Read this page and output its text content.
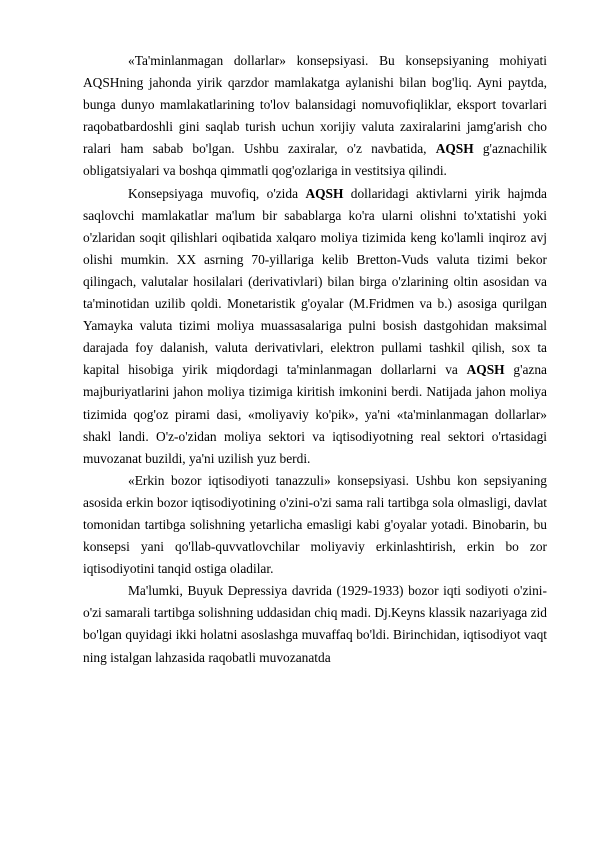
«Ta'minlanmagan dollarlar» konsepsiyasi. Bu konsepsiyaning mohiyati AQSHning jahonda yirik qarzdor mamlakatga aylanishi bilan bog'liq. Ayni paytda, bunga dunyo mamlakatlarining to'lov balansidagi nomuvofiqliklar, eksport tovarlari raqobatbardoshli gini saqlab turish uchun xorijiy valuta zaxiralarini jamg'arish cho ralari ham sabab bo'lgan. Ushbu zaxiralar, o'z navbatida, AQSH g'aznachilik obligatsiyalari va boshqa qimmatli qog'ozlariga in vestitsiya qilindi.

Konsepsiyaga muvofiq, o'zida AQSH dollaridagi aktivlarni yirik hajmda saqlovchi mamlakatlar ma'lum bir sabablarga ko'ra ularni olishni to'xtatishi yoki o'zlaridan soqit qilishlari oqibatida xalqaro moliya tizimida keng ko'lamli inqiroz avj olishi mumkin. XX asrning 70-yillariga kelib Bretton-Vuds valuta tizimi bekor qilingach, valutalar hosilalari (derivativlari) bilan birga o'zlarining oltin asosidan va ta'minotidan uzilib qoldi. Monetaristik g'oyalar (M.Fridmen va b.) asosiga qurilgan Yamayka valuta tizimi moliya muassasalariga pulni bosish dastgohidan maksimal darajada foy dalanish, valuta derivativlari, elektron pullami tashkil qilish, sox ta kapital hisobiga yirik miqdordagi ta'minlanmagan dollarlarni va AQSH g'azna majburiyatlarini jahon moliya tizimiga kiritish imkonini berdi. Natijada jahon moliya tizimida qog'oz pirami dasi, «moliyaviy ko'pik», ya'ni «ta'minlanmagan dollarlar» shakl landi. O'z-o'zidan moliya sektori va iqtisodiyotning real sektori o'rtasidagi muvozanat buzildi, ya'ni uzilish yuz berdi.

«Erkin bozor iqtisodiyoti tanazzuli» konsepsiyasi. Ushbu kon sepsiyaning asosida erkin bozor iqtisodiyotining o'zini-o'zi sama rali tartibga sola olmasligi, davlat tomonidan tartibga solishning yetarlicha emasligi kabi g'oyalar yotadi. Binobarin, bu konsepsi yani qo'llab-quvvatlovchilar moliyaviy erkinlashtirish, erkin bo zor iqtisodiyotini tanqid ostiga oladilar.

Ma'lumki, Buyuk Depressiya davrida (1929-1933) bozor iqti sodiyoti o'zini-o'zi samarali tartibga solishning uddasidan chiq madi. Dj.Keyns klassik nazariyaga zid bo'lgan quyidagi ikki holatni asoslashga muvaffaq bo'ldi. Birinchidan, iqtisodiyot vaqt ning istalgan lahzasida raqobatli muvozanatda
